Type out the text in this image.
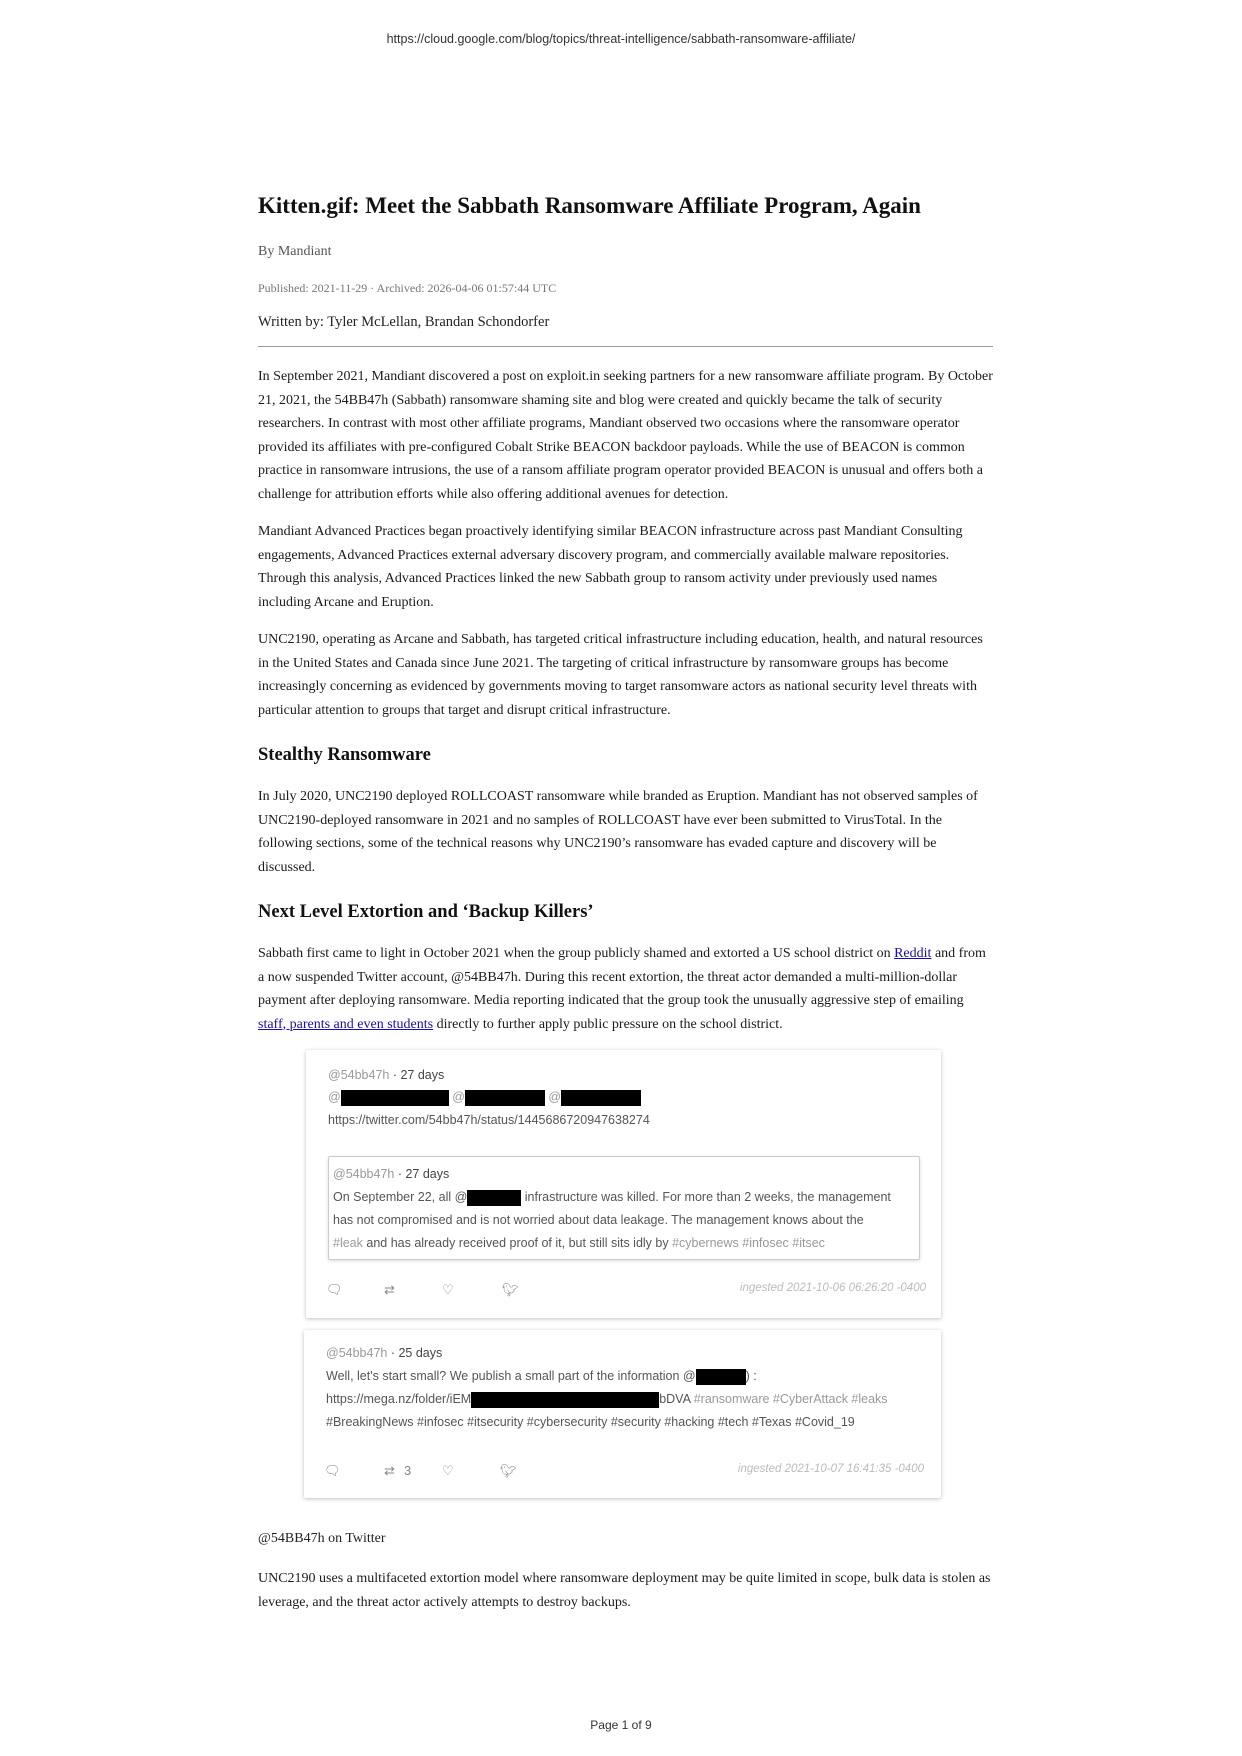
https://cloud.google.com/blog/topics/threat-intelligence/sabbath-ransomware-affiliate/
Kitten.gif: Meet the Sabbath Ransomware Affiliate Program, Again
By Mandiant
Published: 2021-11-29 · Archived: 2026-04-06 01:57:44 UTC
Written by: Tyler McLellan, Brandan Schondorfer

In September 2021, Mandiant discovered a post on exploit.in seeking partners for a new ransomware affiliate program. By October 21, 2021, the 54BB47h (Sabbath) ransomware shaming site and blog were created and quickly became the talk of security researchers. In contrast with most other affiliate programs, Mandiant observed two occasions where the ransomware operator provided its affiliates with pre-configured Cobalt Strike BEACON backdoor payloads. While the use of BEACON is common practice in ransomware intrusions, the use of a ransom affiliate program operator provided BEACON is unusual and offers both a challenge for attribution efforts while also offering additional avenues for detection.

Mandiant Advanced Practices began proactively identifying similar BEACON infrastructure across past Mandiant Consulting engagements, Advanced Practices external adversary discovery program, and commercially available malware repositories. Through this analysis, Advanced Practices linked the new Sabbath group to ransom activity under previously used names including Arcane and Eruption.

UNC2190, operating as Arcane and Sabbath, has targeted critical infrastructure including education, health, and natural resources in the United States and Canada since June 2021. The targeting of critical infrastructure by ransomware groups has become increasingly concerning as evidenced by governments moving to target ransomware actors as national security level threats with particular attention to groups that target and disrupt critical infrastructure.

Stealthy Ransomware

In July 2020, UNC2190 deployed ROLLCOAST ransomware while branded as Eruption. Mandiant has not observed samples of UNC2190-deployed ransomware in 2021 and no samples of ROLLCOAST have ever been submitted to VirusTotal. In the following sections, some of the technical reasons why UNC2190’s ransomware has evaded capture and discovery will be discussed.

Next Level Extortion and ‘Backup Killers’

Sabbath first came to light in October 2021 when the group publicly shamed and extorted a US school district on Reddit and from a now suspended Twitter account, @54BB47h. During this recent extortion, the threat actor demanded a multi-million-dollar payment after deploying ransomware. Media reporting indicated that the group took the unusually aggressive step of emailing staff, parents and even students directly to further apply public pressure on the school district.

@54bb47h · 27 days
@	@	@
https://twitter.com/54bb47h/status/1445686720947638274
@54bb47h · 27 days
On September 22, all @	infrastructure was killed. For more than 2 weeks, the management
has not compromised and is not worried about data leakage. The management knows about the
#leak and has already received proof of it, but still sits idly by #cybernews #infosec #itsec
🗨︎	⇄	♡	🐦︎	ingested 2021-10-06 06:26:20 -0400
@54bb47h · 25 days
Well, let's start small? We publish a small part of the information @	) :
https://mega.nz/folder/iEM	bDVA #ransomware #CyberAttack #leaks
#BreakingNews #infosec #itsecurity #cybersecurity #security #hacking #tech #Texas #Covid_19
🗨︎	⇄ 3 ♡	🐦︎	ingested 2021-10-07 16:41:35 -0400
@54BB47h on Twitter

UNC2190 uses a multifaceted extortion model where ransomware deployment may be quite limited in scope, bulk data is stolen as leverage, and the threat actor actively attempts to destroy backups.

Page 1 of 9
